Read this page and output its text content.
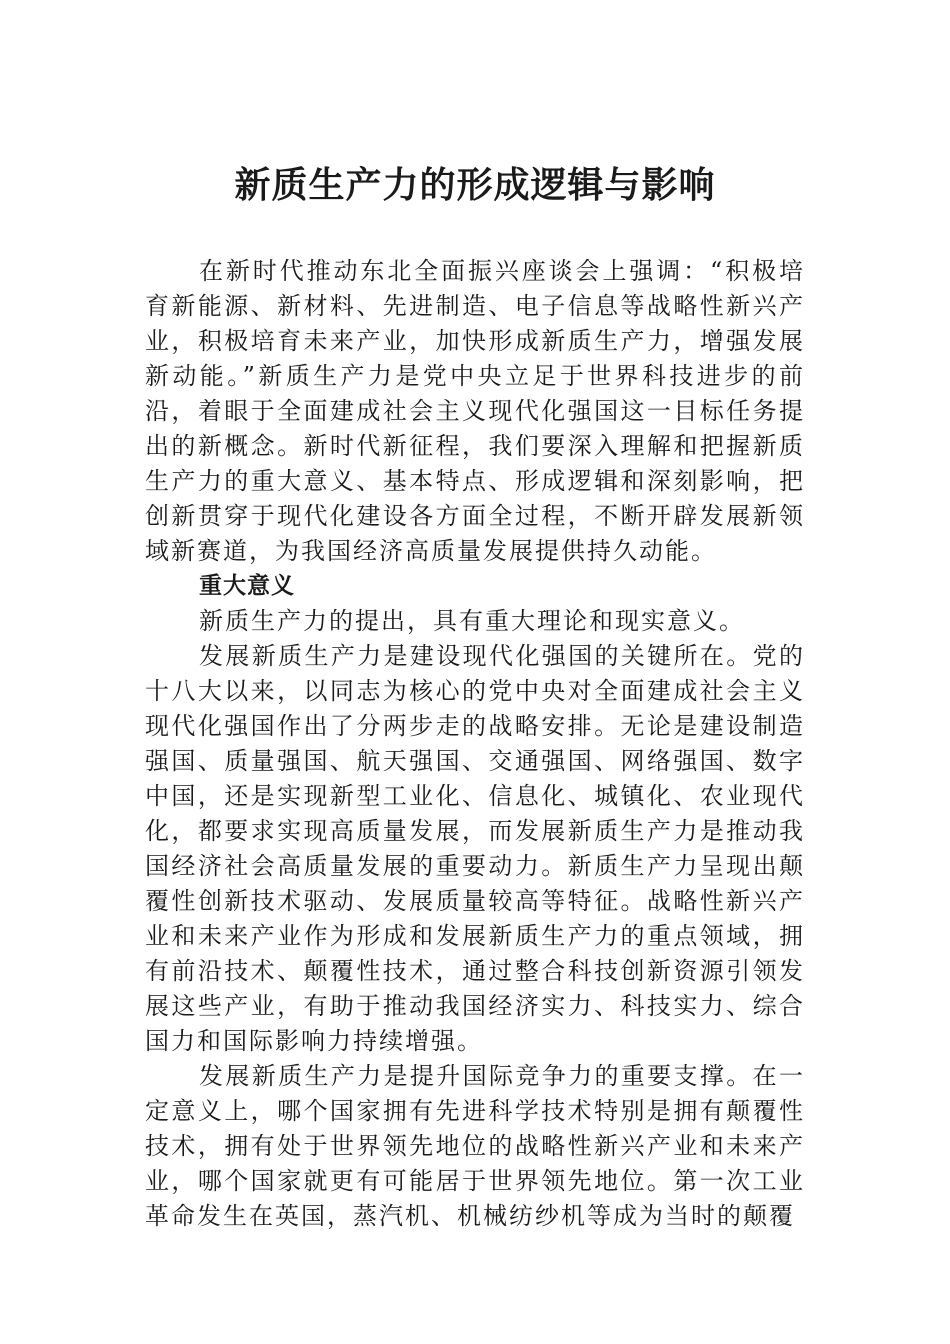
新质生产力的形成逻辑与影响

在新时代推动东北全面振兴座谈会上强调：“积极培育新能源、新材料、先进制造、电子信息等战略性新兴产业，积极培育未来产业，加快形成新质生产力，增强发展新动能。”新质生产力是党中央立足于世界科技进步的前沿，着眼于全面建成社会主义现代化强国这一目标任务提出的新概念。新时代新征程，我们要深入理解和把握新质生产力的重大意义、基本特点、形成逻辑和深刻影响，把创新贯穿于现代化建设各方面全过程，不断开辟发展新领域新赛道，为我国经济高质量发展提供持久动能。

重大意义

新质生产力的提出，具有重大理论和现实意义。

发展新质生产力是建设现代化强国的关键所在。党的十八大以来，以同志为核心的党中央对全面建成社会主义现代化强国作出了分两步走的战略安排。无论是建设制造强国、质量强国、航天强国、交通强国、网络强国、数字中国，还是实现新型工业化、信息化、城镇化、农业现代化，都要求实现高质量发展，而发展新质生产力是推动我国经济社会高质量发展的重要动力。新质生产力呈现出颠覆性创新技术驱动、发展质量较高等特征。战略性新兴产业和未来产业作为形成和发展新质生产力的重点领域，拥有前沿技术、颠覆性技术，通过整合科技创新资源引领发展这些产业，有助于推动我国经济实力、科技实力、综合国力和国际影响力持续增强。

发展新质生产力是提升国际竞争力的重要支撑。在一定意义上，哪个国家拥有先进科学技术特别是拥有颠覆性技术，拥有处于世界领先地位的战略性新兴产业和未来产业，哪个国家就更有可能居于世界领先地位。第一次工业革命发生在英国，蒸汽机、机械纺纱机等成为当时的颠覆
